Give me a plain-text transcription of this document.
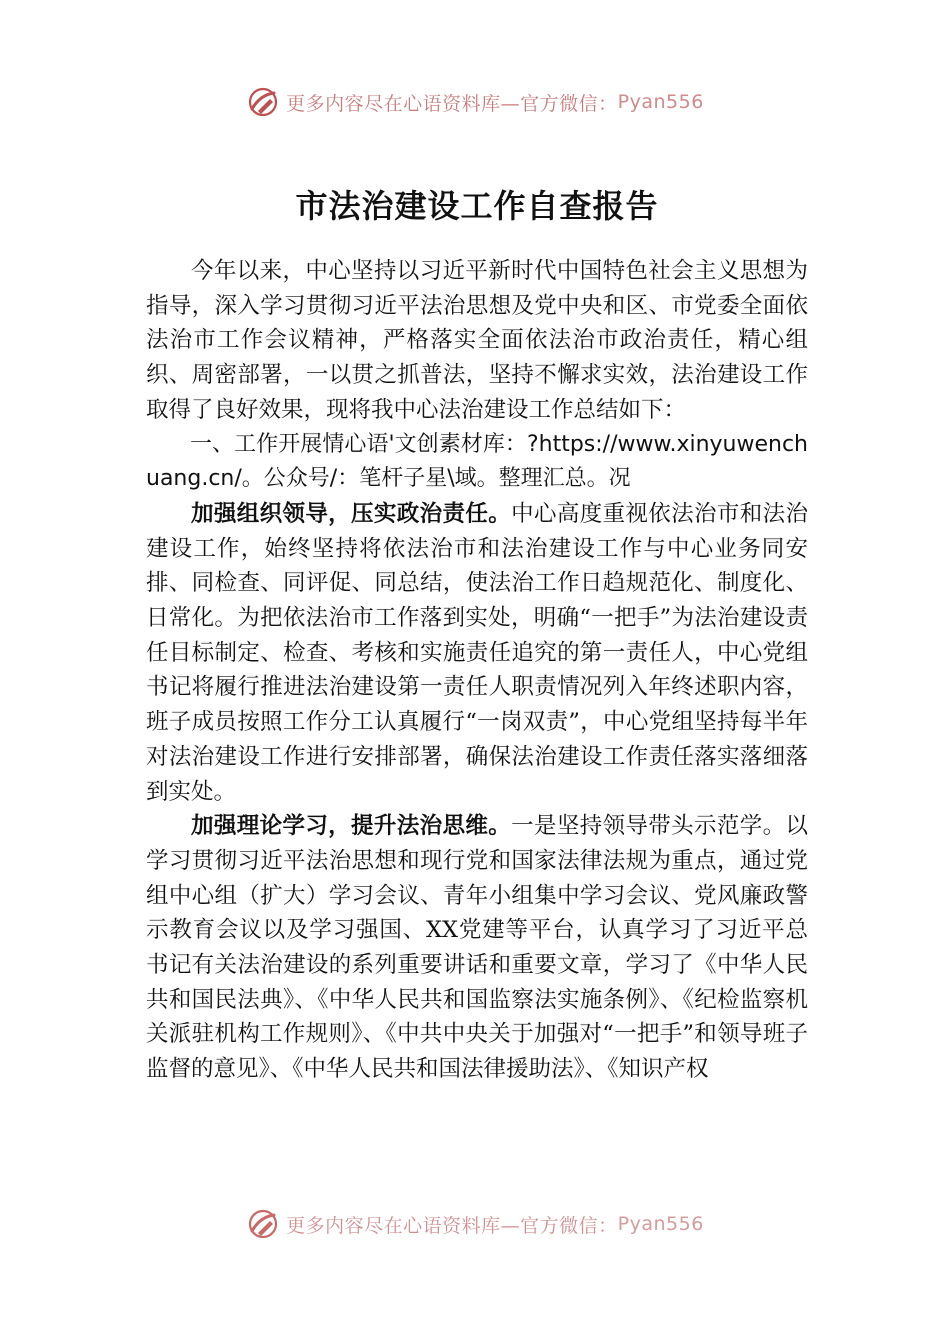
更多内容尽在心语资料库—官方微信： Pyan556
市法治建设工作自查报告

今年以来，中心坚持以习近平新时代中国特色社会主义思想为指导，深入学习贯彻习近平法治思想及党中央和区、市党委全面依法治市工作会议精神，严格落实全面依法治市政治责任，精心组织、周密部署，一以贯之抓普法，坚持不懈求实效，法治建设工作取得了良好效果，现将我中心法治建设工作总结如下：

一、工作开展情心语'文创素材库：?https://www.xinyuwenchuang.cn/。公众号/：笔杆子星\域。整理汇总。况

加强组织领导，压实政治责任。中心高度重视依法治市和法治建设工作，始终坚持将依法治市和法治建设工作与中心业务同安排、同检查、同评促、同总结，使法治工作日趋规范化、制度化、日常化。为把依法治市工作落到实处，明确“一把手”为法治建设责任目标制定、检查、考核和实施责任追究的第一责任人，中心党组书记将履行推进法治建设第一责任人职责情况列入年终述职内容，班子成员按照工作分工认真履行“一岗双责”，中心党组坚持每半年对法治建设工作进行安排部署，确保法治建设工作责任落实落细落到实处。

加强理论学习，提升法治思维。一是坚持领导带头示范学。以学习贯彻习近平法治思想和现行党和国家法律法规为重点，通过党组中心组（扩大）学习会议、青年小组集中学习会议、党风廉政警示教育会议以及学习强国、XX党建等平台，认真学习了习近平总书记有关法治建设的系列重要讲话和重要文章，学习了《中华人民共和国民法典》、《中华人民共和国监察法实施条例》、《纪检监察机关派驻机构工作规则》、《中共中央关于加强对“一把手”和领导班子监督的意见》、《中华人民共和国法律援助法》、《知识产权

更多内容尽在心语资料库—官方微信： Pyan556
